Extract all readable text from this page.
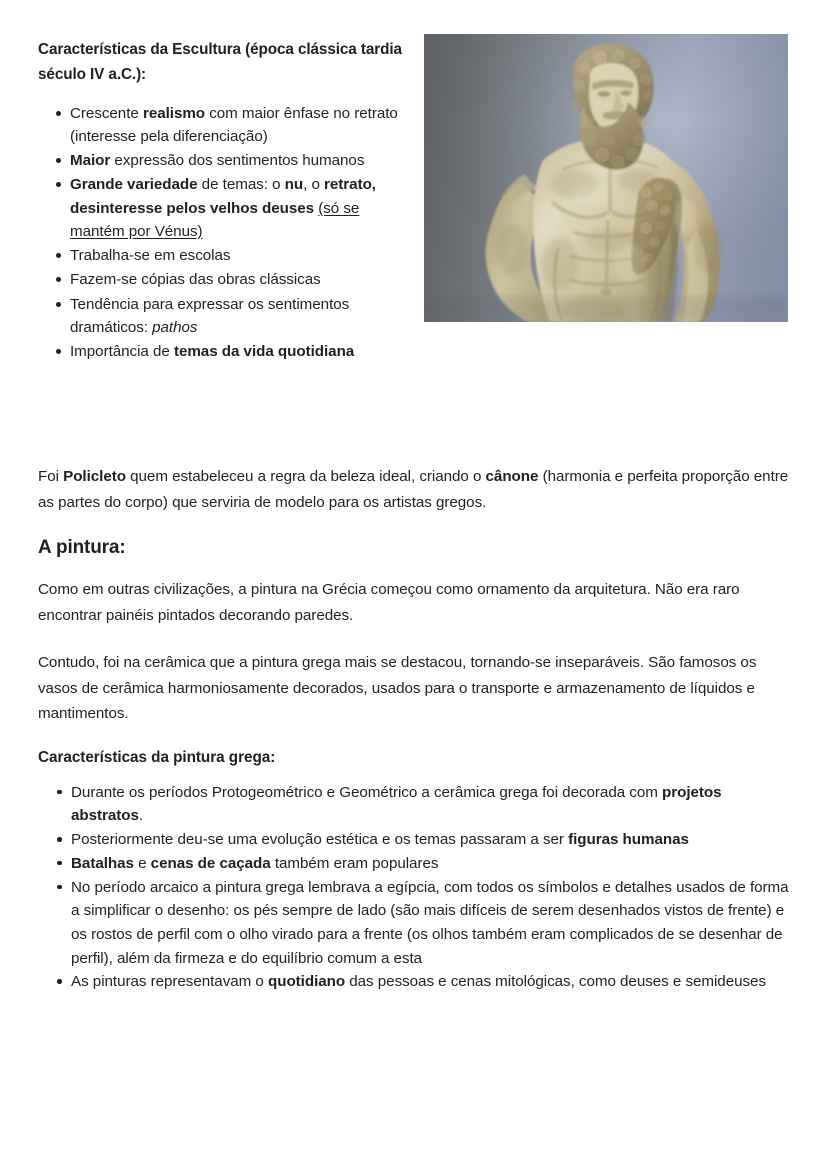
Características da Escultura (época clássica tardia século IV a.C.):
Crescente realismo com maior ênfase no retrato (interesse pela diferenciação)
Maior expressão dos sentimentos humanos
Grande variedade de temas: o nu, o retrato, desinteresse pelos velhos deuses (só se mantém por Vénus)
Trabalha-se em escolas
Fazem-se cópias das obras clássicas
Tendência para expressar os sentimentos dramáticos: pathos
Importância de temas da vida quotidiana

Foi Policleto quem estabeleceu a regra da beleza ideal, criando o cânone (harmonia e perfeita proporção entre as partes do corpo) que serviria de modelo para os artistas gregos.

A pintura:

Como em outras civilizações, a pintura na Grécia começou como ornamento da arquitetura. Não era raro encontrar painéis pintados decorando paredes.

Contudo, foi na cerâmica que a pintura grega mais se destacou, tornando-se inseparáveis. São famosos os vasos de cerâmica harmoniosamente decorados, usados para o transporte e armazenamento de líquidos e mantimentos.

Características da pintura grega:
Durante os períodos Protogeométrico e Geométrico a cerâmica grega foi decorada com projetos abstratos.
Posteriormente deu-se uma evolução estética e os temas passaram a ser figuras humanas
Batalhas e cenas de caçada também eram populares
No período arcaico a pintura grega lembrava a egípcia, com todos os símbolos e detalhes usados de forma a simplificar o desenho: os pés sempre de lado (são mais difíceis de serem desenhados vistos de frente) e os rostos de perfil com o olho virado para a frente (os olhos também eram complicados de se desenhar de perfil), além da firmeza e do equilíbrio comum a esta
As pinturas representavam o quotidiano das pessoas e cenas mitológicas, como deuses e semideuses
